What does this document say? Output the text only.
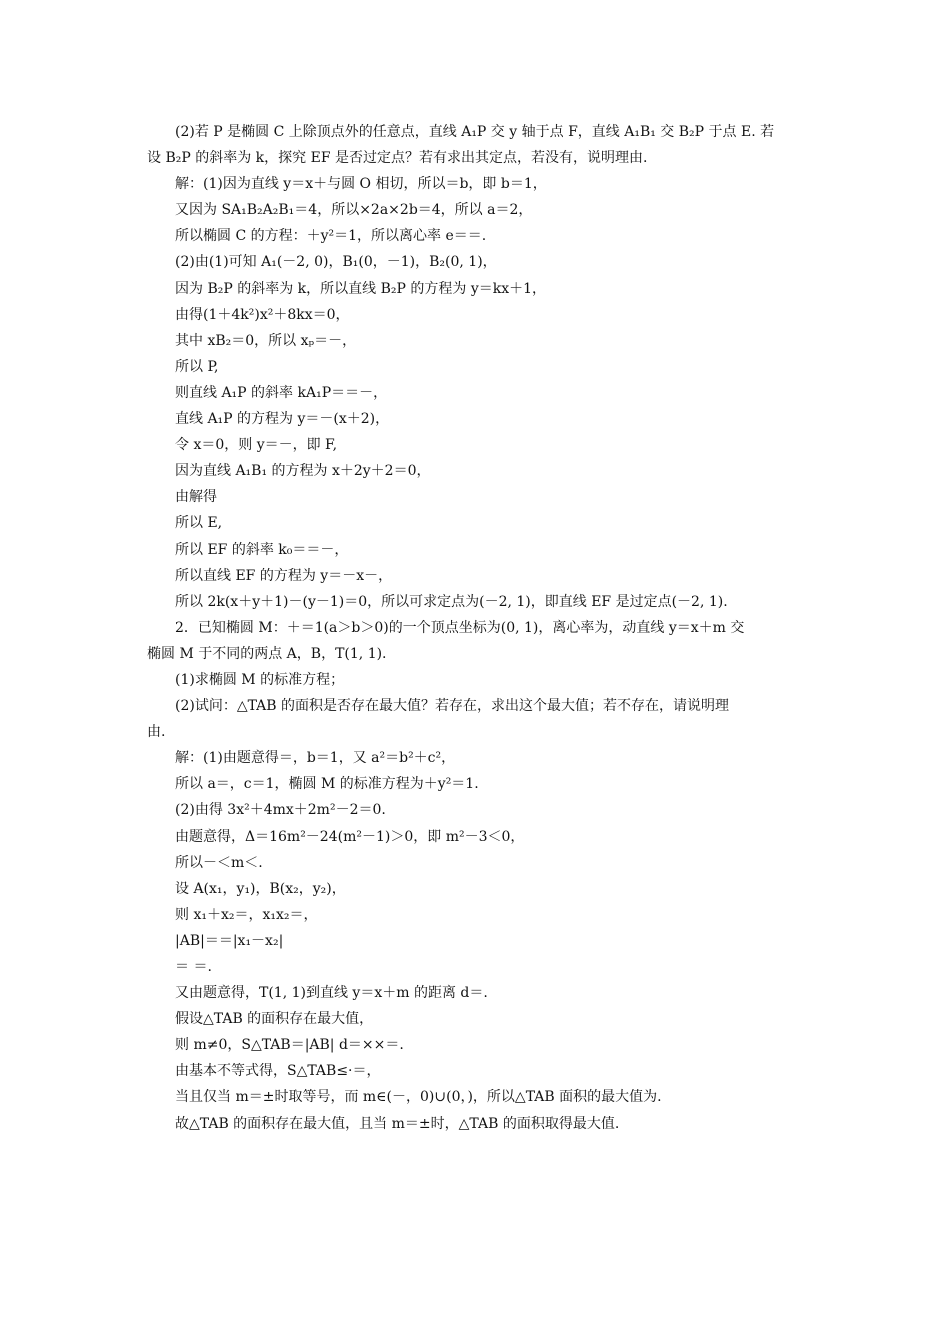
(2)若 P 是椭圆 C 上除顶点外的任意点，直线 A₁P 交 y 轴于点 F，直线 A₁B₁ 交 B₂P 于点 E. 若
设 B₂P 的斜率为 k，探究 EF 是否过定点？若有求出其定点，若没有，说明理由.
解：(1)因为直线 y＝x＋与圆 O 相切，所以＝b，即 b＝1，
又因为 SA₁B₂A₂B₁＝4，所以×2a×2b＝4，所以 a＝2，
所以椭圆 C 的方程：＋y²＝1，所以离心率 e＝＝.
(2)由(1)可知 A₁(－2, 0)，B₁(0，－1)，B₂(0, 1)，
因为 B₂P 的斜率为 k，所以直线 B₂P 的方程为 y＝kx＋1，
由得(1＋4k²)x²＋8kx＝0，
其中 xB₂＝0，所以 xₚ＝－，
所以 P,
则直线 A₁P 的斜率 kA₁P＝＝－，
直线 A₁P 的方程为 y＝－(x＋2)，
令 x＝0，则 y＝－，即 F,
因为直线 A₁B₁ 的方程为 x＋2y＋2＝0，
由解得
所以 E,
所以 EF 的斜率 k₀＝＝－，
所以直线 EF 的方程为 y＝－x－，
所以 2k(x＋y＋1)－(y－1)＝0，所以可求定点为(－2, 1)，即直线 EF 是过定点(－2, 1).
2．已知椭圆 M：＋＝1(a＞b＞0)的一个顶点坐标为(0, 1)，离心率为，动直线 y＝x＋m 交
椭圆 M 于不同的两点 A，B，T(1, 1).
(1)求椭圆 M 的标准方程；
(2)试问：△TAB 的面积是否存在最大值？若存在，求出这个最大值；若不存在，请说明理
由.
解：(1)由题意得＝，b＝1，又 a²＝b²＋c²，
所以 a＝，c＝1，椭圆 M 的标准方程为＋y²＝1.
(2)由得 3x²＋4mx＋2m²－2＝0.
由题意得，Δ＝16m²－24(m²－1)＞0，即 m²－3＜0，
所以－＜m＜.
设 A(x₁，y₁)，B(x₂，y₂)，
则 x₁＋x₂＝，x₁x₂＝，
|AB|＝＝|x₁－x₂|
＝ ＝.
又由题意得，T(1, 1)到直线 y＝x＋m 的距离 d＝.
假设△TAB 的面积存在最大值，
则 m≠0，S△TAB＝|AB| d＝××＝.
由基本不等式得，S△TAB≤·＝，
当且仅当 m＝±时取等号，而 m∈(－，0)∪(0，)，所以△TAB 面积的最大值为.
故△TAB 的面积存在最大值，且当 m＝±时，△TAB 的面积取得最大值.
